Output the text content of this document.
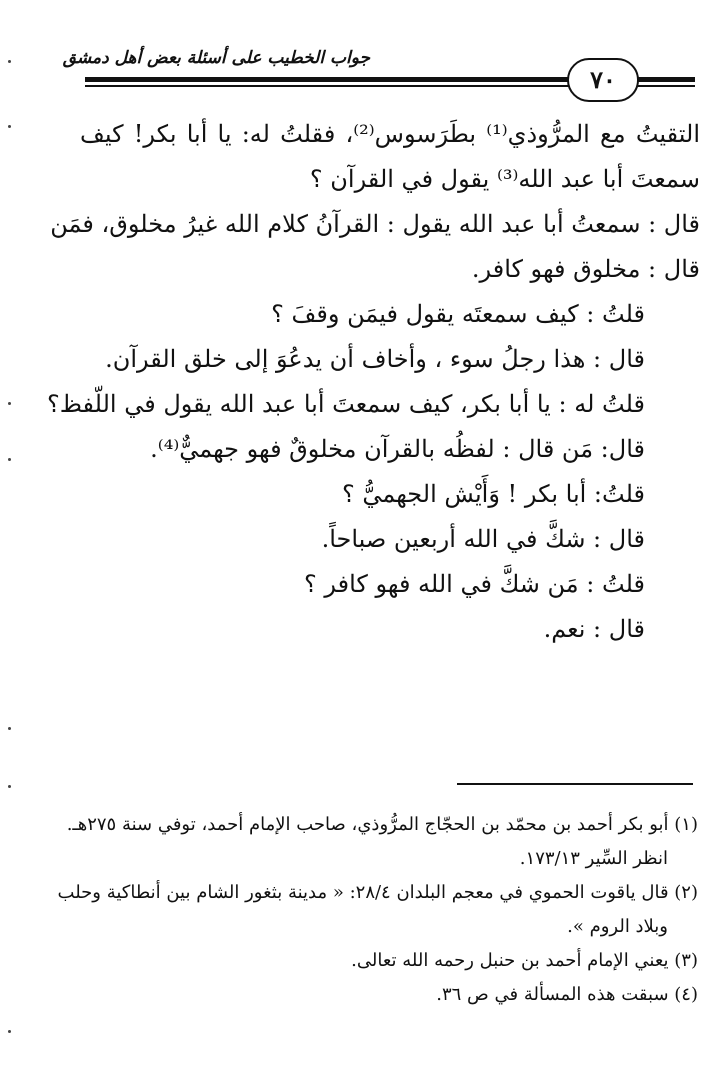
جواب الخطيب على أسئلة بعض أهل دمشق
٧٠
التقيتُ مع المرُّوذي⁽¹⁾ بطَرَسوس⁽²⁾، فقلتُ له: يا أبا بكر! كيف
سمعتَ أبا عبد الله⁽³⁾ يقول في القرآن ؟
قال : سمعتُ أبا عبد الله يقول : القرآنُ كلام الله غيرُ مخلوق، فمَن
قال : مخلوق فهو كافر.
قلتُ : كيف سمعتَه يقول فيمَن وقفَ ؟
قال : هذا رجلُ سوء ، وأخاف أن يدعُوَ إلى خلق القرآن.
قلتُ له : يا أبا بكر، كيف سمعتَ أبا عبد الله يقول في اللّفظ؟
قال: مَن قال : لفظُه بالقرآن مخلوقٌ فهو جهميٌّ⁽⁴⁾.
قلتُ: أبا بكر ! وَأَيْش الجهميُّ ؟
قال : شكَّ في الله أربعين صباحاً.
قلتُ : مَن شكَّ في الله فهو كافر ؟
قال : نعم.
(١) أبو بكر أحمد بن محمّد بن الحجّاج المرُّوذي، صاحب الإمام أحمد، توفي سنة ٢٧٥هـ.
انظر السِّير ١٧٣/١٣.
(٢) قال ياقوت الحموي في معجم البلدان ٢٨/٤: « مدينة بثغور الشام بين أنطاكية وحلب
وبلاد الروم ».
(٣) يعني الإمام أحمد بن حنبل رحمه الله تعالى.
(٤) سبقت هذه المسألة في ص ٣٦.
